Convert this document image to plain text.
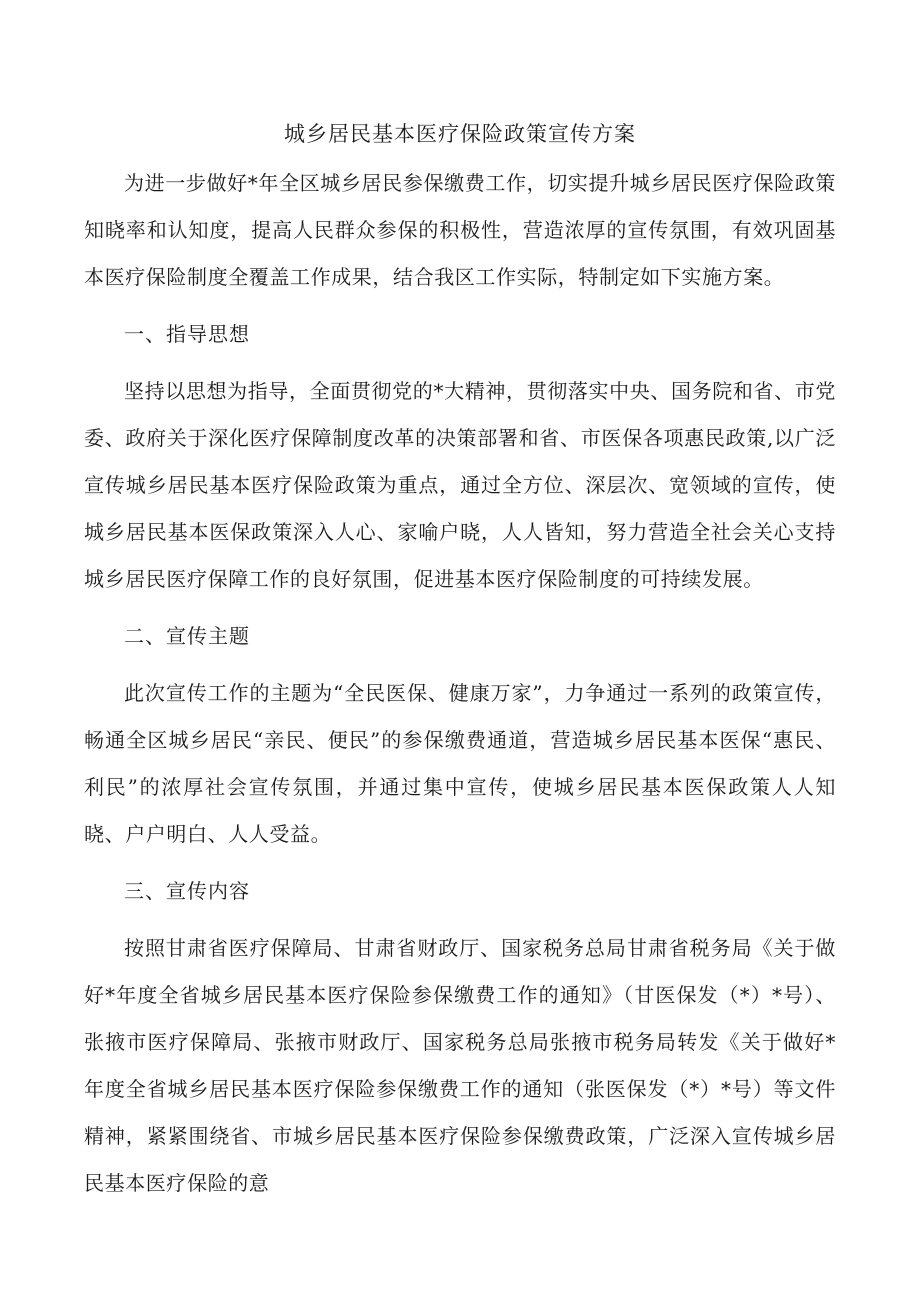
城乡居民基本医疗保险政策宣传方案

为进一步做好*年全区城乡居民参保缴费工作，切实提升城乡居民医疗保险政策知晓率和认知度，提高人民群众参保的积极性，营造浓厚的宣传氛围，有效巩固基本医疗保险制度全覆盖工作成果，结合我区工作实际，特制定如下实施方案。

一、指导思想

坚持以思想为指导，全面贯彻党的*大精神，贯彻落实中央、国务院和省、市党委、政府关于深化医疗保障制度改革的决策部署和省、市医保各项惠民政策,以广泛宣传城乡居民基本医疗保险政策为重点，通过全方位、深层次、宽领域的宣传，使城乡居民基本医保政策深入人心、家喻户晓，人人皆知，努力营造全社会关心支持城乡居民医疗保障工作的良好氛围，促进基本医疗保险制度的可持续发展。

二、宣传主题

此次宣传工作的主题为“全民医保、健康万家”，力争通过一系列的政策宣传，畅通全区城乡居民“亲民、便民”的参保缴费通道，营造城乡居民基本医保“惠民、利民”的浓厚社会宣传氛围，并通过集中宣传，使城乡居民基本医保政策人人知晓、户户明白、人人受益。

三、宣传内容

按照甘肃省医疗保障局、甘肃省财政厅、国家税务总局甘肃省税务局《关于做好*年度全省城乡居民基本医疗保险参保缴费工作的通知》（甘医保发（*）*号）、张掖市医疗保障局、张掖市财政厅、国家税务总局张掖市税务局转发《关于做好*年度全省城乡居民基本医疗保险参保缴费工作的通知（张医保发（*）*号）等文件精神，紧紧围绕省、市城乡居民基本医疗保险参保缴费政策，广泛深入宣传城乡居民基本医疗保险的意
